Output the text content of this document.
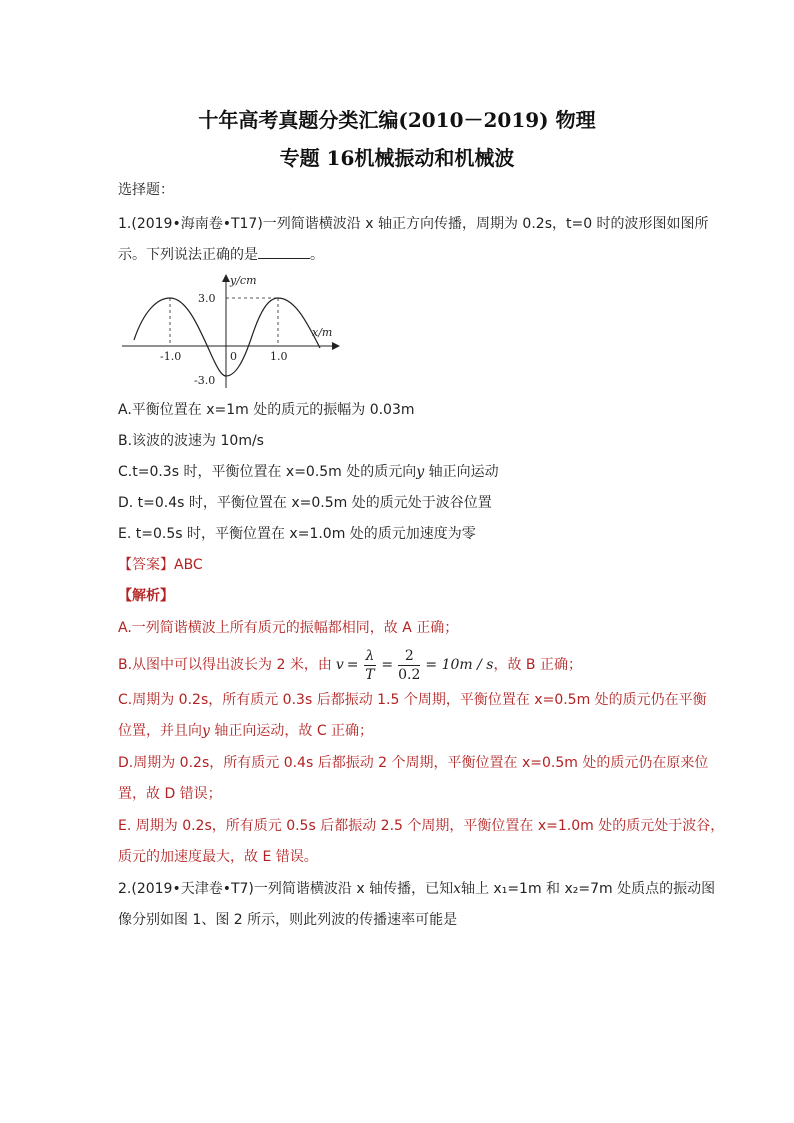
十年高考真题分类汇编(2010－2019) 物理
专题 16机械振动和机械波
选择题：
1.(2019•海南卷•T17)一列简谐横波沿 x 轴正方向传播，周期为 0.2s，t=0 时的波形图如图所
示。下列说法正确的是	。
y/cm
x/m
3.0
-3.0
-1.0	0	1.0
A.平衡位置在 x=1m 处的质元的振幅为 0.03m
B.该波的波速为 10m/s
C.t=0.3s 时，平衡位置在 x=0.5m 处的质元向y 轴正向运动
D. t=0.4s 时，平衡位置在 x=0.5m 处的质元处于波谷位置
E. t=0.5s 时，平衡位置在 x=1.0m 处的质元加速度为零
【答案】ABC
【解析】
A.一列简谐横波上所有质元的振幅都相同，故 A 正确；
B.从图中可以得出波长为 2 米，由 $v = \frac{\lambda}{T} = \frac{2}{0.2} = 10m / s$ ，故 B 正确；
C.周期为 0.2s，所有质元 0.3s 后都振动 1.5 个周期，平衡位置在 x=0.5m 处的质元仍在平衡
位置，并且向y 轴正向运动，故 C 正确；
D.周期为 0.2s，所有质元 0.4s 后都振动 2 个周期，平衡位置在 x=0.5m 处的质元仍在原来位
置，故 D 错误；
E. 周期为 0.2s，所有质元 0.5s 后都振动 2.5 个周期，平衡位置在 x=1.0m 处的质元处于波谷，
质元的加速度最大，故 E 错误。
2.(2019•天津卷•T7)一列简谐横波沿 x 轴传播，已知x轴上 x₁=1m 和 x₂=7m 处质点的振动图
像分别如图 1、图 2 所示，则此列波的传播速率可能是
